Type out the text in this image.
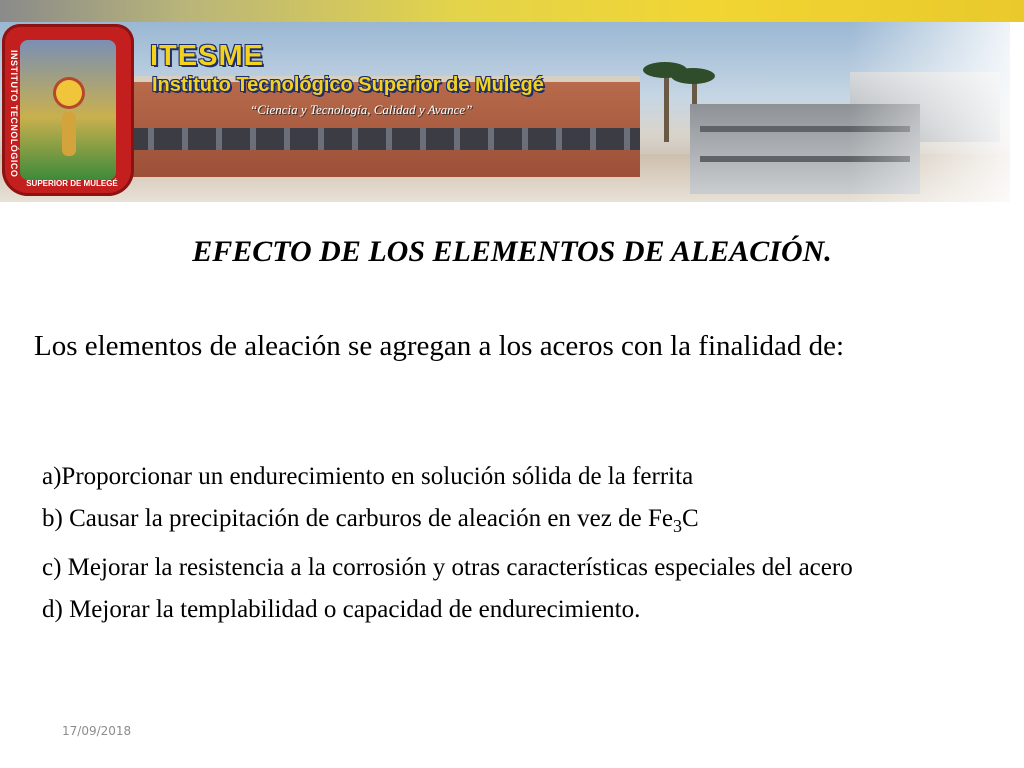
INSTITUTO TECNOLÓGICO
SUPERIOR DE MULEGÉ
ITESME
Instituto Tecnológico Superior de Mulegé
“Ciencia y Tecnología, Calidad y Avance”
EFECTO DE LOS ELEMENTOS DE ALEACIÓN.
Los elementos de aleación se agregan a los aceros con la finalidad de:
a)Proporcionar un endurecimiento en solución sólida de la ferrita
b) Causar la precipitación de carburos de aleación en vez de $Fe_3C$
c) Mejorar la resistencia a la corrosión y otras características especiales del acero
d) Mejorar la templabilidad o capacidad de endurecimiento.
17/09/2018
